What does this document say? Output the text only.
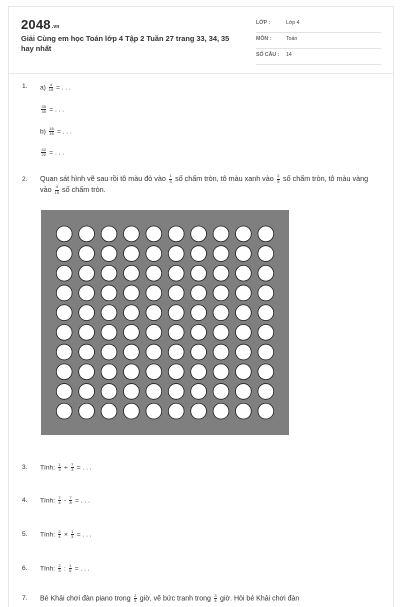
2048.vn
Giải Cùng em học Toán lớp 4 Tập 2 Tuần 27 trang 33, 34, 35 hay nhất
LỚP :	Lớp 4
MÔN :	Toán
SỐ CÂU : 14
1. $a) \frac{4}{15}$ = . . .
$\frac{35}{45}$ = . . .
$b) \frac{18}{16}$ = . . .
$\frac{42}{22}$ = . . .
2. Quan sát hình vẽ sau rồi tô màu đỏ vào $\frac{1}{3}$ số chấm tròn, tô màu xanh vào $\frac{2}{5}$ số chấm tròn, tô màu vàng vào $\frac{4}{15}$ số chấm tròn.
3. Tính: $\frac{1}{3} + \frac{7}{3}$ = . . .
4. Tính: $\frac{7}{4} - \frac{7}{8}$ = . . .
5. Tính: $\frac{2}{4} \times \frac{1}{3}$ = . . .
6. Tính: $\frac{2}{3}$ : $\frac{1}{6}$ = . . .
7. Bé Khải chơi đàn piano trong $\frac{2}{3}$ giờ, vẽ bức tranh trong $\frac{3}{4}$ giờ. Hỏi bé Khải chơi đàn
